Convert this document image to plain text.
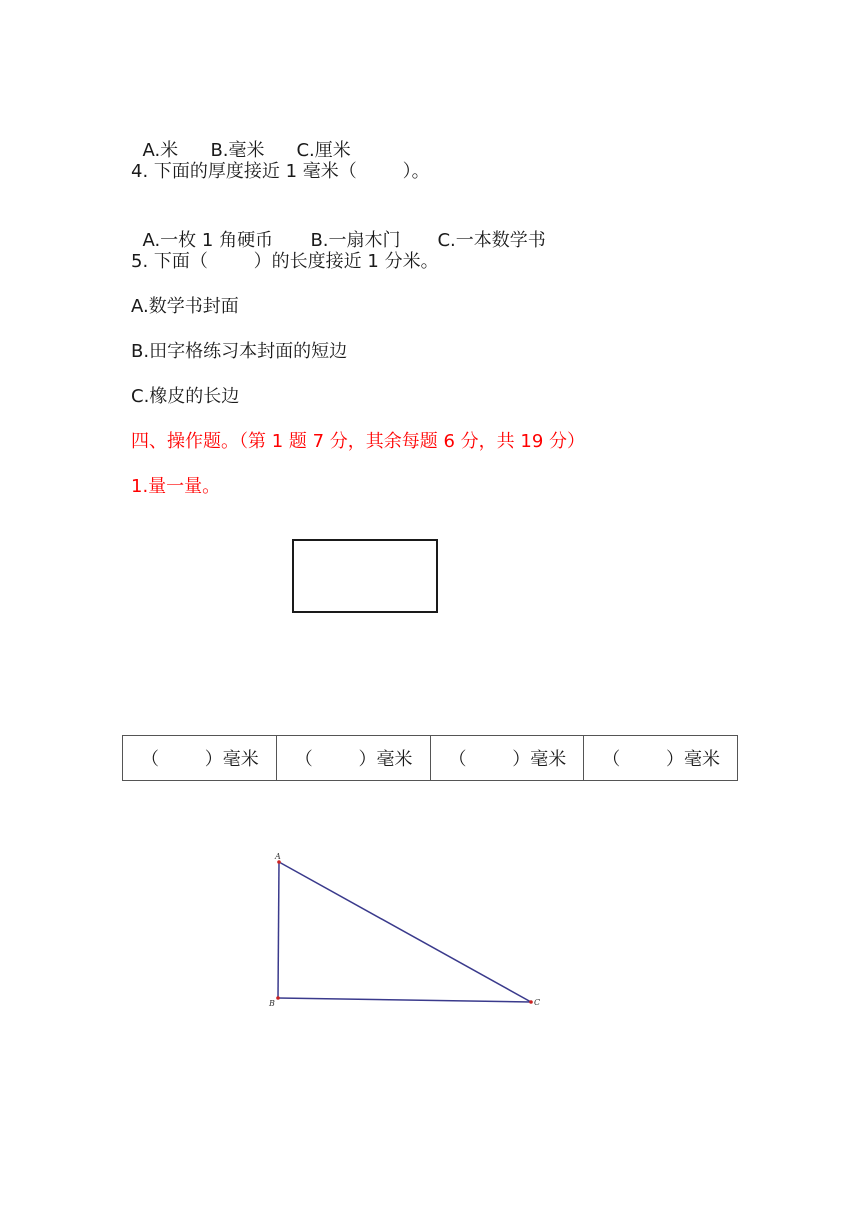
A.米 B.毫米 C.厘米

4. 下面的厚度接近 1 毫米（        ）。

A.一枚 1 角硬币 B.一扇木门 C.一本数学书

5. 下面（        ）的长度接近 1 分米。
A.数学书封面
B.田字格练习本封面的短边
C.橡皮的长边
四、操作题。（第 1 题 7 分，其余每题 6 分，共 19 分）
1.量一量。
（        ）毫米	（        ）毫米	（        ）毫米	（        ）毫米
A
B	C
